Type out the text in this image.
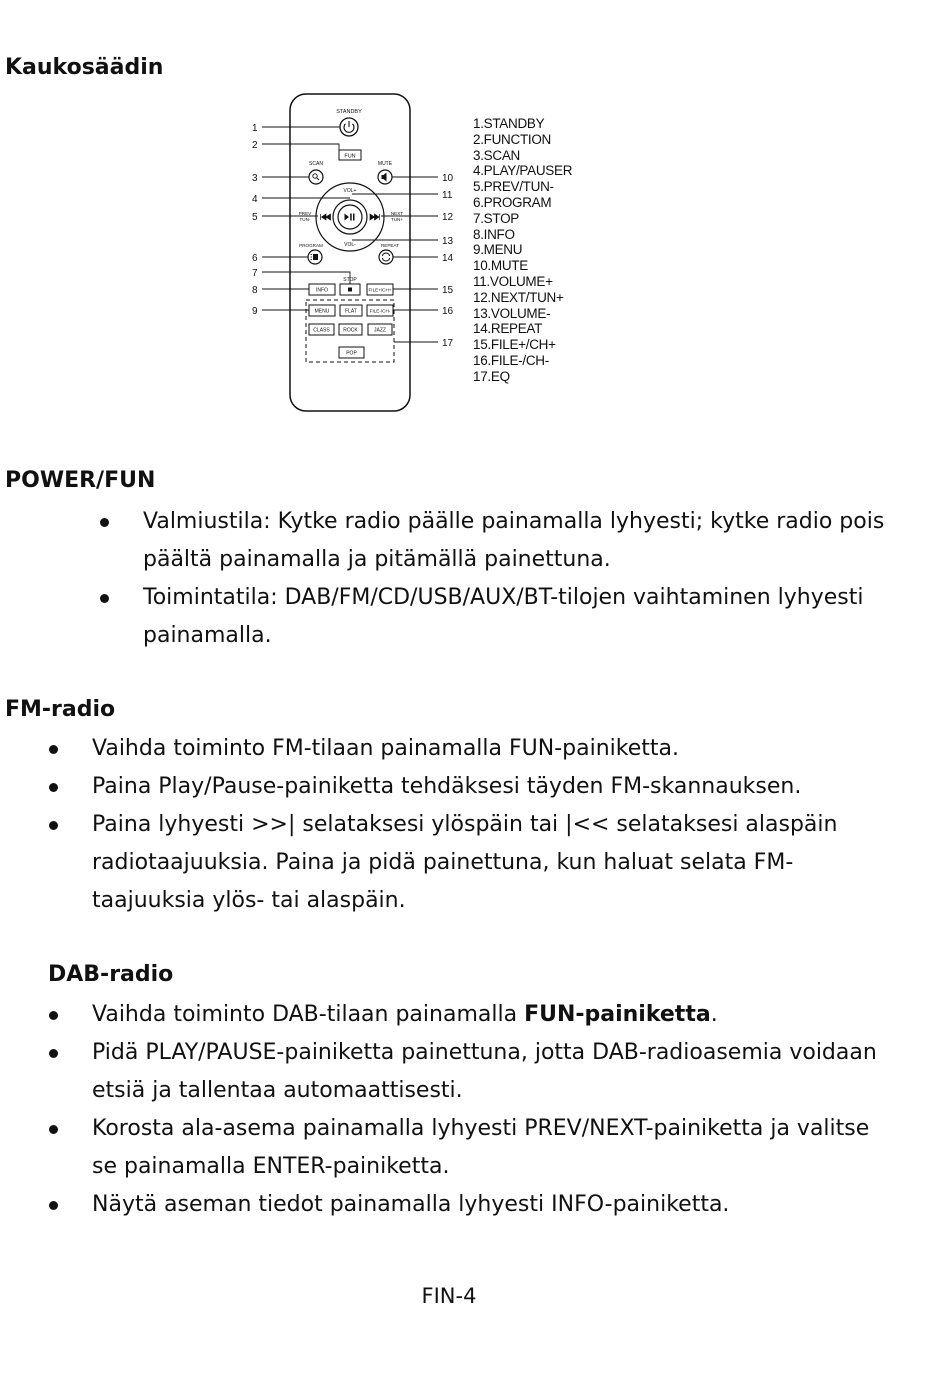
Kaukosäädin
STANDBY
FUN
SCAN	MUTE
VOL+
VOL-
PREV
TUN-
NEXT
TUN+
PROGRAM	REPEAT
STOP
INFO	FILE+/CH+
MENU	FLAT	FILE-/CH-
CLASS	ROCK	JAZZ
POP
1
2
3
4
5
6
7
8
9
10
11
12
13
14
15
16
17
1.STANDBY
2.FUNCTION
3.SCAN
4.PLAY/PAUSER
5.PREV/TUN-
6.PROGRAM
7.STOP
8.INFO
9.MENU
10.MUTE
11.VOLUME+
12.NEXT/TUN+
13.VOLUME-
14.REPEAT
15.FILE+/CH+
16.FILE-/CH-
17.EQ
POWER/FUN
Valmiustila: Kytke radio päälle painamalla lyhyesti; kytke radio pois
päältä painamalla ja pitämällä painettuna.
Toimintatila: DAB/FM/CD/USB/AUX/BT-tilojen vaihtaminen lyhyesti
painamalla.
FM-radio
Vaihda toiminto FM-tilaan painamalla FUN-painiketta.
Paina Play/Pause-painiketta tehdäksesi täyden FM-skannauksen.
Paina lyhyesti >>| selataksesi ylöspäin tai |<< selataksesi alaspäin
radiotaajuuksia. Paina ja pidä painettuna, kun haluat selata FM-
taajuuksia ylös- tai alaspäin.
DAB-radio
Vaihda toiminto DAB-tilaan painamalla FUN-painiketta.
Pidä PLAY/PAUSE-painiketta painettuna, jotta DAB-radioasemia voidaan
etsiä ja tallentaa automaattisesti.
Korosta ala-asema painamalla lyhyesti PREV/NEXT-painiketta ja valitse
se painamalla ENTER-painiketta.
Näytä aseman tiedot painamalla lyhyesti INFO-painiketta.
FIN-4
